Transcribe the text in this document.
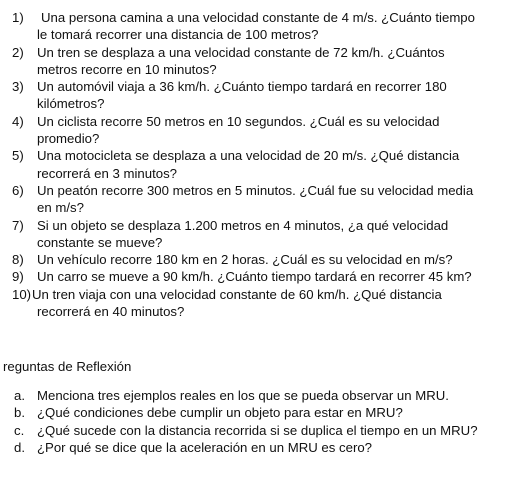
1)	Una persona camina a una velocidad constante de 4 m/s. ¿Cuánto tiempo
le tomará recorrer una distancia de 100 metros?
2)	Un tren se desplaza a una velocidad constante de 72 km/h. ¿Cuántos
metros recorre en 10 minutos?
3)	Un automóvil viaja a 36 km/h. ¿Cuánto tiempo tardará en recorrer 180
kilómetros?
4)	Un ciclista recorre 50 metros en 10 segundos. ¿Cuál es su velocidad
promedio?
5)	Una motocicleta se desplaza a una velocidad de 20 m/s. ¿Qué distancia
recorrerá en 3 minutos?
6)	Un peatón recorre 300 metros en 5 minutos. ¿Cuál fue su velocidad media
en m/s?
7)	Si un objeto se desplaza 1.200 metros en 4 minutos, ¿a qué velocidad
constante se mueve?
8)	Un vehículo recorre 180 km en 2 horas. ¿Cuál es su velocidad en m/s?
9)	Un carro se mueve a 90 km/h. ¿Cuánto tiempo tardará en recorrer 45 km?
10) Un tren viaja con una velocidad constante de 60 km/h. ¿Qué distancia
recorrerá en 40 minutos?
reguntas de Reflexión
a. Menciona tres ejemplos reales en los que se pueda observar un MRU.
b. ¿Qué condiciones debe cumplir un objeto para estar en MRU?
c. ¿Qué sucede con la distancia recorrida si se duplica el tiempo en un MRU?
d. ¿Por qué se dice que la aceleración en un MRU es cero?
